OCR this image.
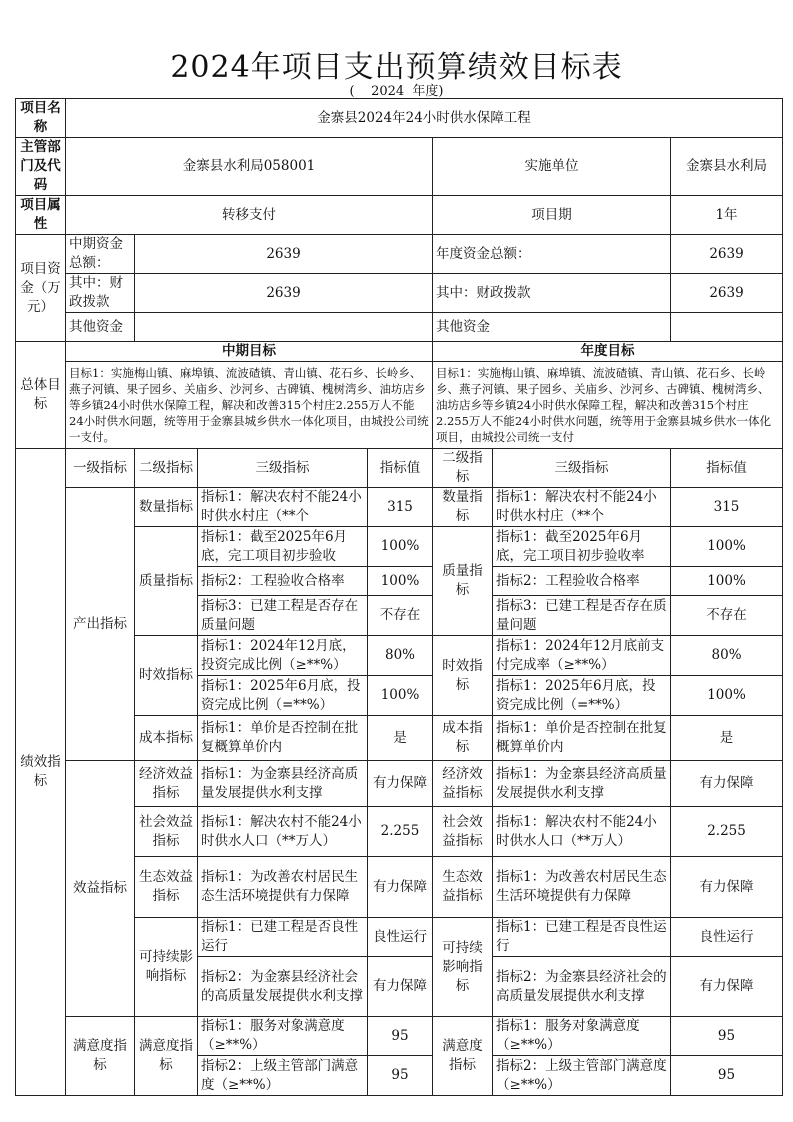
2024年项目支出预算绩效目标表
(    2024  年度)
项目名称	金寨县2024年24小时供水保障工程						
主管部门及代码	金寨县水利局058001				实施单位		金寨县水利局
项目属性	转移支付				项目期		1年
项目资金（万元）	中期资金总额：	2639			年度资金总额：		2639
	其中：财政拨款	2639			其中：财政拨款		2639
	其他资金				其他资金		
总体目标	中期目标				年度目标		
	目标1：实施梅山镇、麻埠镇、流波碴镇、青山镇、花石乡、长岭乡、燕子河镇、果子园乡、关庙乡、沙河乡、古碑镇、槐树湾乡、油坊店乡等乡镇24小时供水保障工程，解决和改善315个村庄2.255万人不能24小时供水问题，统等用于金寨县城乡供水一体化项目，由城投公司统一支付。				目标1：实施梅山镇、麻埠镇、流波碴镇、青山镇、花石乡、长岭乡、燕子河镇、果子园乡、关庙乡、沙河乡、古碑镇、槐树湾乡、油坊店乡等乡镇24小时供水保障工程，解决和改善315个村庄2.255万人不能24小时供水问题，统等用于金寨县城乡供水一体化项目，由城投公司统一支付		
绩效指标	一级指标	二级指标	三级指标	指标值	二级指标	三级指标	指标值
	产出指标	数量指标	指标1：解决农村不能24小时供水村庄（**个	315	数量指标	指标1：解决农村不能24小时供水村庄（**个	315
		质量指标	指标1：截至2025年6月底，完工项目初步验收	100%	质量指标	指标1：截至2025年6月底，完工项目初步验收率	100%
			指标2：工程验收合格率	100%		指标2：工程验收合格率	100%
			指标3：已建工程是否存在质量问题	不存在		指标3：已建工程是否存在质量问题	不存在
		时效指标	指标1：2024年12月底，投资完成比例（≥**%）	80%	时效指标	指标1：2024年12月底前支付完成率（≥**%）	80%
			指标1：2025年6月底，投资完成比例（=**%）	100%		指标1：2025年6月底，投资完成比例（=**%）	100%
		成本指标	指标1：单价是否控制在批复概算单价内	是	成本指标	指标1：单价是否控制在批复概算单价内	是
	效益指标	经济效益指标	指标1：为金寨县经济高质量发展提供水利支撑	有力保障	经济效益指标	指标1：为金寨县经济高质量发展提供水利支撑	有力保障
		社会效益指标	指标1：解决农村不能24小时供水人口（**万人）	2.255	社会效益指标	指标1：解决农村不能24小时供水人口（**万人）	2.255
		生态效益指标	指标1：为改善农村居民生态生活环境提供有力保障	有力保障	生态效益指标	指标1：为改善农村居民生态生活环境提供有力保障	有力保障
		可持续影响指标	指标1：已建工程是否良性运行	良性运行	可持续影响指标	指标1：已建工程是否良性运行	良性运行
			指标2：为金寨县经济社会的高质量发展提供水利支撑	有力保障		指标2：为金寨县经济社会的高质量发展提供水利支撑	有力保障
	满意度指标	满意度指标	指标1：服务对象满意度（≥**%）	95	满意度指标	指标1：服务对象满意度（≥**%）	95
			指标2：上级主管部门满意度（≥**%）	95		指标2：上级主管部门满意度（≥**%）	95
